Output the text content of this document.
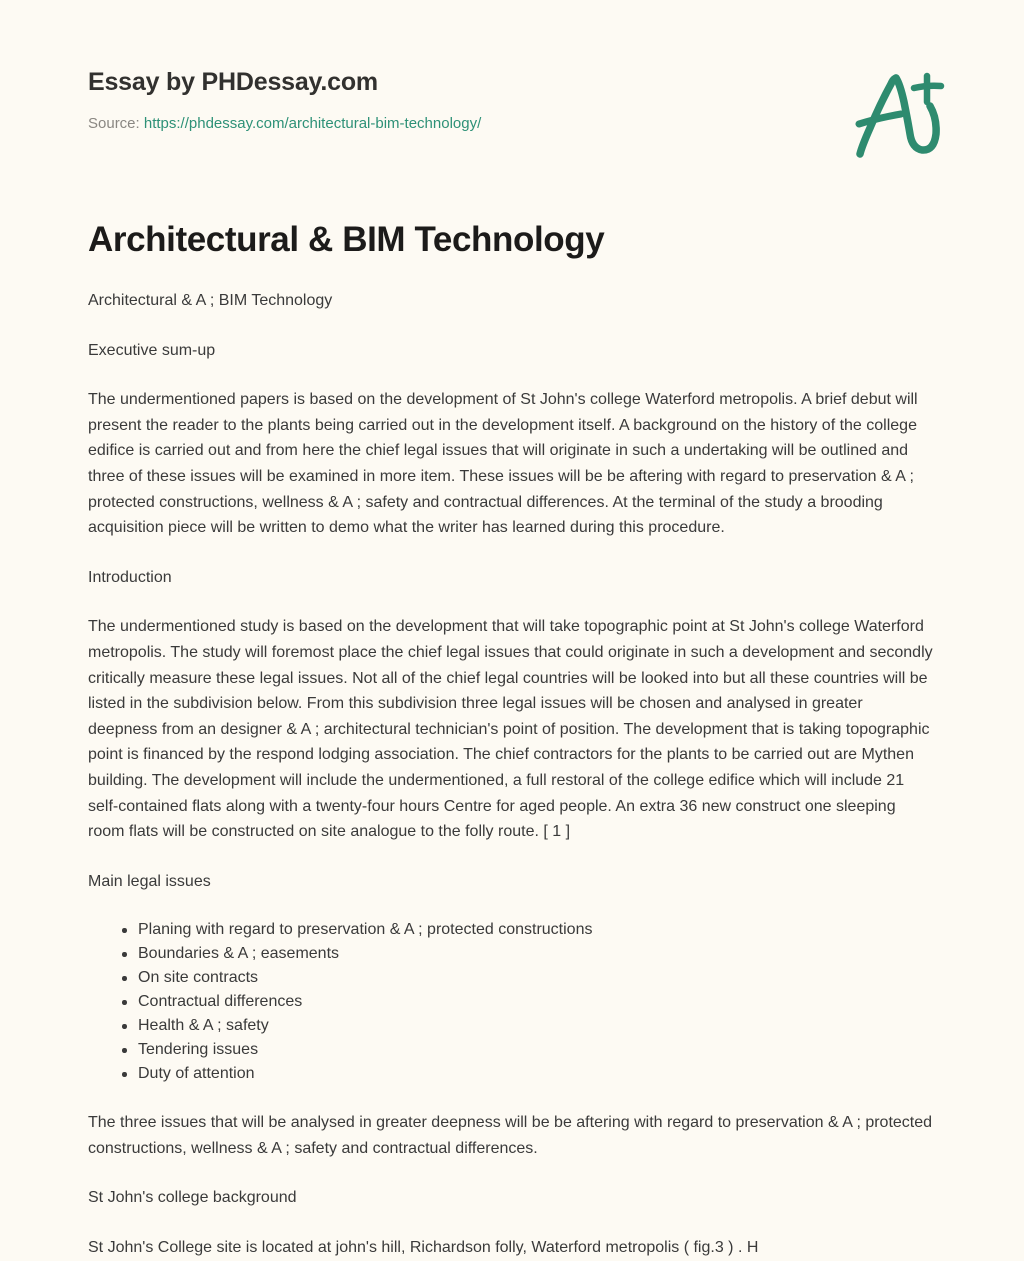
Essay by PHDessay.com
Source: https://phdessay.com/architectural-bim-technology/
Architectural & BIM Technology

Architectural & A ; BIM Technology

Executive sum-up

The undermentioned papers is based on the development of St John's college Waterford metropolis. A brief debut will present the reader to the plants being carried out in the development itself. A background on the history of the college edifice is carried out and from here the chief legal issues that will originate in such a undertaking will be outlined and three of these issues will be examined in more item. These issues will be be aftering with regard to preservation & A ; protected constructions, wellness & A ; safety and contractual differences. At the terminal of the study a brooding acquisition piece will be written to demo what the writer has learned during this procedure.

Introduction

The undermentioned study is based on the development that will take topographic point at St John's college Waterford metropolis. The study will foremost place the chief legal issues that could originate in such a development and secondly critically measure these legal issues. Not all of the chief legal countries will be looked into but all these countries will be listed in the subdivision below. From this subdivision three legal issues will be chosen and analysed in greater deepness from an designer & A ; architectural technician's point of position. The development that is taking topographic point is financed by the respond lodging association. The chief contractors for the plants to be carried out are Mythen building. The development will include the undermentioned, a full restoral of the college edifice which will include 21 self-contained flats along with a twenty-four hours Centre for aged people. An extra 36 new construct one sleeping room flats will be constructed on site analogue to the folly route. [ 1 ]

Main legal issues

Planing with regard to preservation & A ; protected constructions
Boundaries & A ; easements
On site contracts
Contractual differences
Health & A ; safety
Tendering issues
Duty of attention

The three issues that will be analysed in greater deepness will be be aftering with regard to preservation & A ; protected constructions, wellness & A ; safety and contractual differences.

St John's college background

St John's College site is located at john's hill, Richardson folly, Waterford metropolis ( fig.3 ) . H
